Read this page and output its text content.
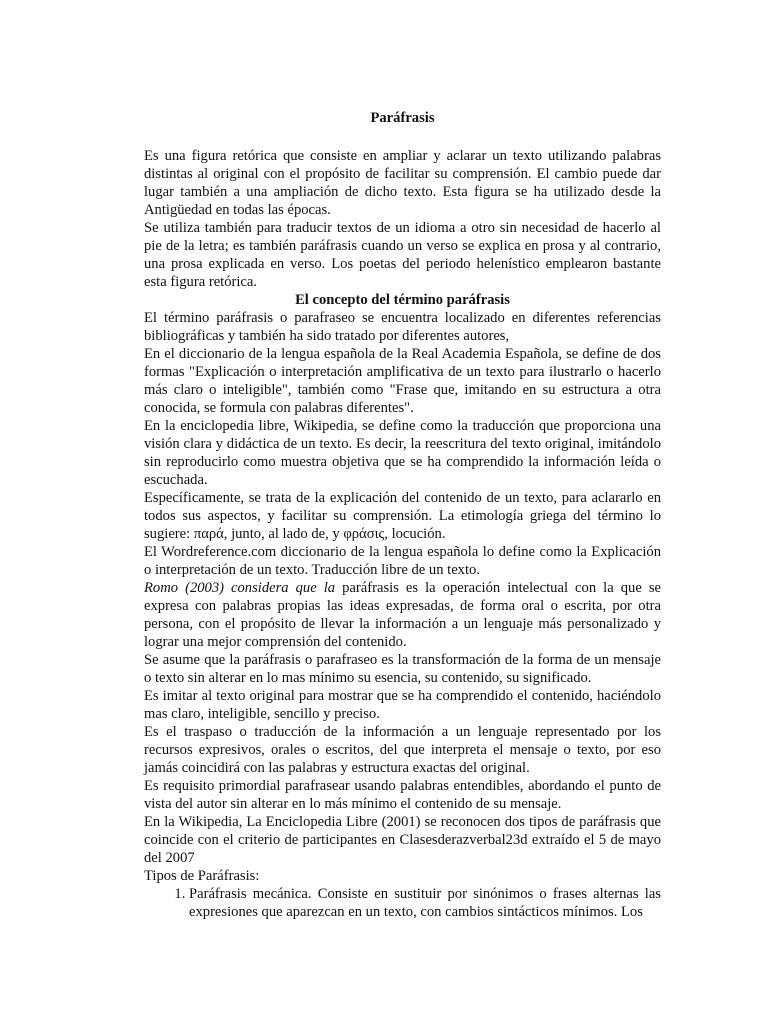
Paráfrasis

Es una figura retórica que consiste en ampliar y aclarar un texto utilizando palabras distintas al original con el propósito de facilitar su comprensión. El cambio puede dar lugar también a una ampliación de dicho texto. Esta figura se ha utilizado desde la Antigüedad en todas las épocas.

Se utiliza también para traducir textos de un idioma a otro sin necesidad de hacerlo al pie de la letra; es también paráfrasis cuando un verso se explica en prosa y al contrario, una prosa explicada en verso. Los poetas del periodo helenístico emplearon bastante esta figura retórica.

El concepto del término paráfrasis

El término paráfrasis o parafraseo se encuentra localizado en diferentes referencias bibliográficas y también ha sido tratado por diferentes autores,

En el diccionario de la lengua española de la Real Academia Española, se define de dos formas "Explicación o interpretación amplificativa de un texto para ilustrarlo o hacerlo más claro o inteligible", también como "Frase que, imitando en su estructura a otra conocida, se formula con palabras diferentes".

En la enciclopedia libre, Wikipedia, se define como la traducción que proporciona una visión clara y didáctica de un texto. Es decir, la reescritura del texto original, imitándolo sin reproducirlo como muestra objetiva que se ha comprendido la información leída o escuchada.

Específicamente, se trata de la explicación del contenido de un texto, para aclararlo en todos sus aspectos, y facilitar su comprensión. La etimología griega del término lo sugiere: παρά, junto, al lado de, y φράσις, locución.

El Wordreference.com diccionario de la lengua española lo define como la Explicación o interpretación de un texto. Traducción libre de un texto.

Romo (2003) considera que la paráfrasis es la operación intelectual con la que se expresa con palabras propias las ideas expresadas, de forma oral o escrita, por otra persona, con el propósito de llevar la información a un lenguaje más personalizado y lograr una mejor comprensión del contenido.

Se asume que la paráfrasis o parafraseo es la transformación de la forma de un mensaje o texto sin alterar en lo mas mínimo su esencia, su contenido, su significado.

Es imitar al texto original para mostrar que se ha comprendido el contenido, haciéndolo mas claro, inteligible, sencillo y preciso.

Es el traspaso o traducción de la información a un lenguaje representado por los recursos expresivos, orales o escritos, del que interpreta el mensaje o texto, por eso jamás coincidirá con las palabras y estructura exactas del original.

Es requisito primordial parafrasear usando palabras entendibles, abordando el punto de vista del autor sin alterar en lo más mínimo el contenido de su mensaje.

En la Wikipedia, La Enciclopedia Libre (2001) se reconocen dos tipos de paráfrasis que coincide con el criterio de participantes en Clasesderazverbal23d extraído el 5 de mayo del 2007

Tipos de Paráfrasis:

1. Paráfrasis mecánica. Consiste en sustituir por sinónimos o frases alternas las expresiones que aparezcan en un texto, con cambios sintácticos mínimos. Los
